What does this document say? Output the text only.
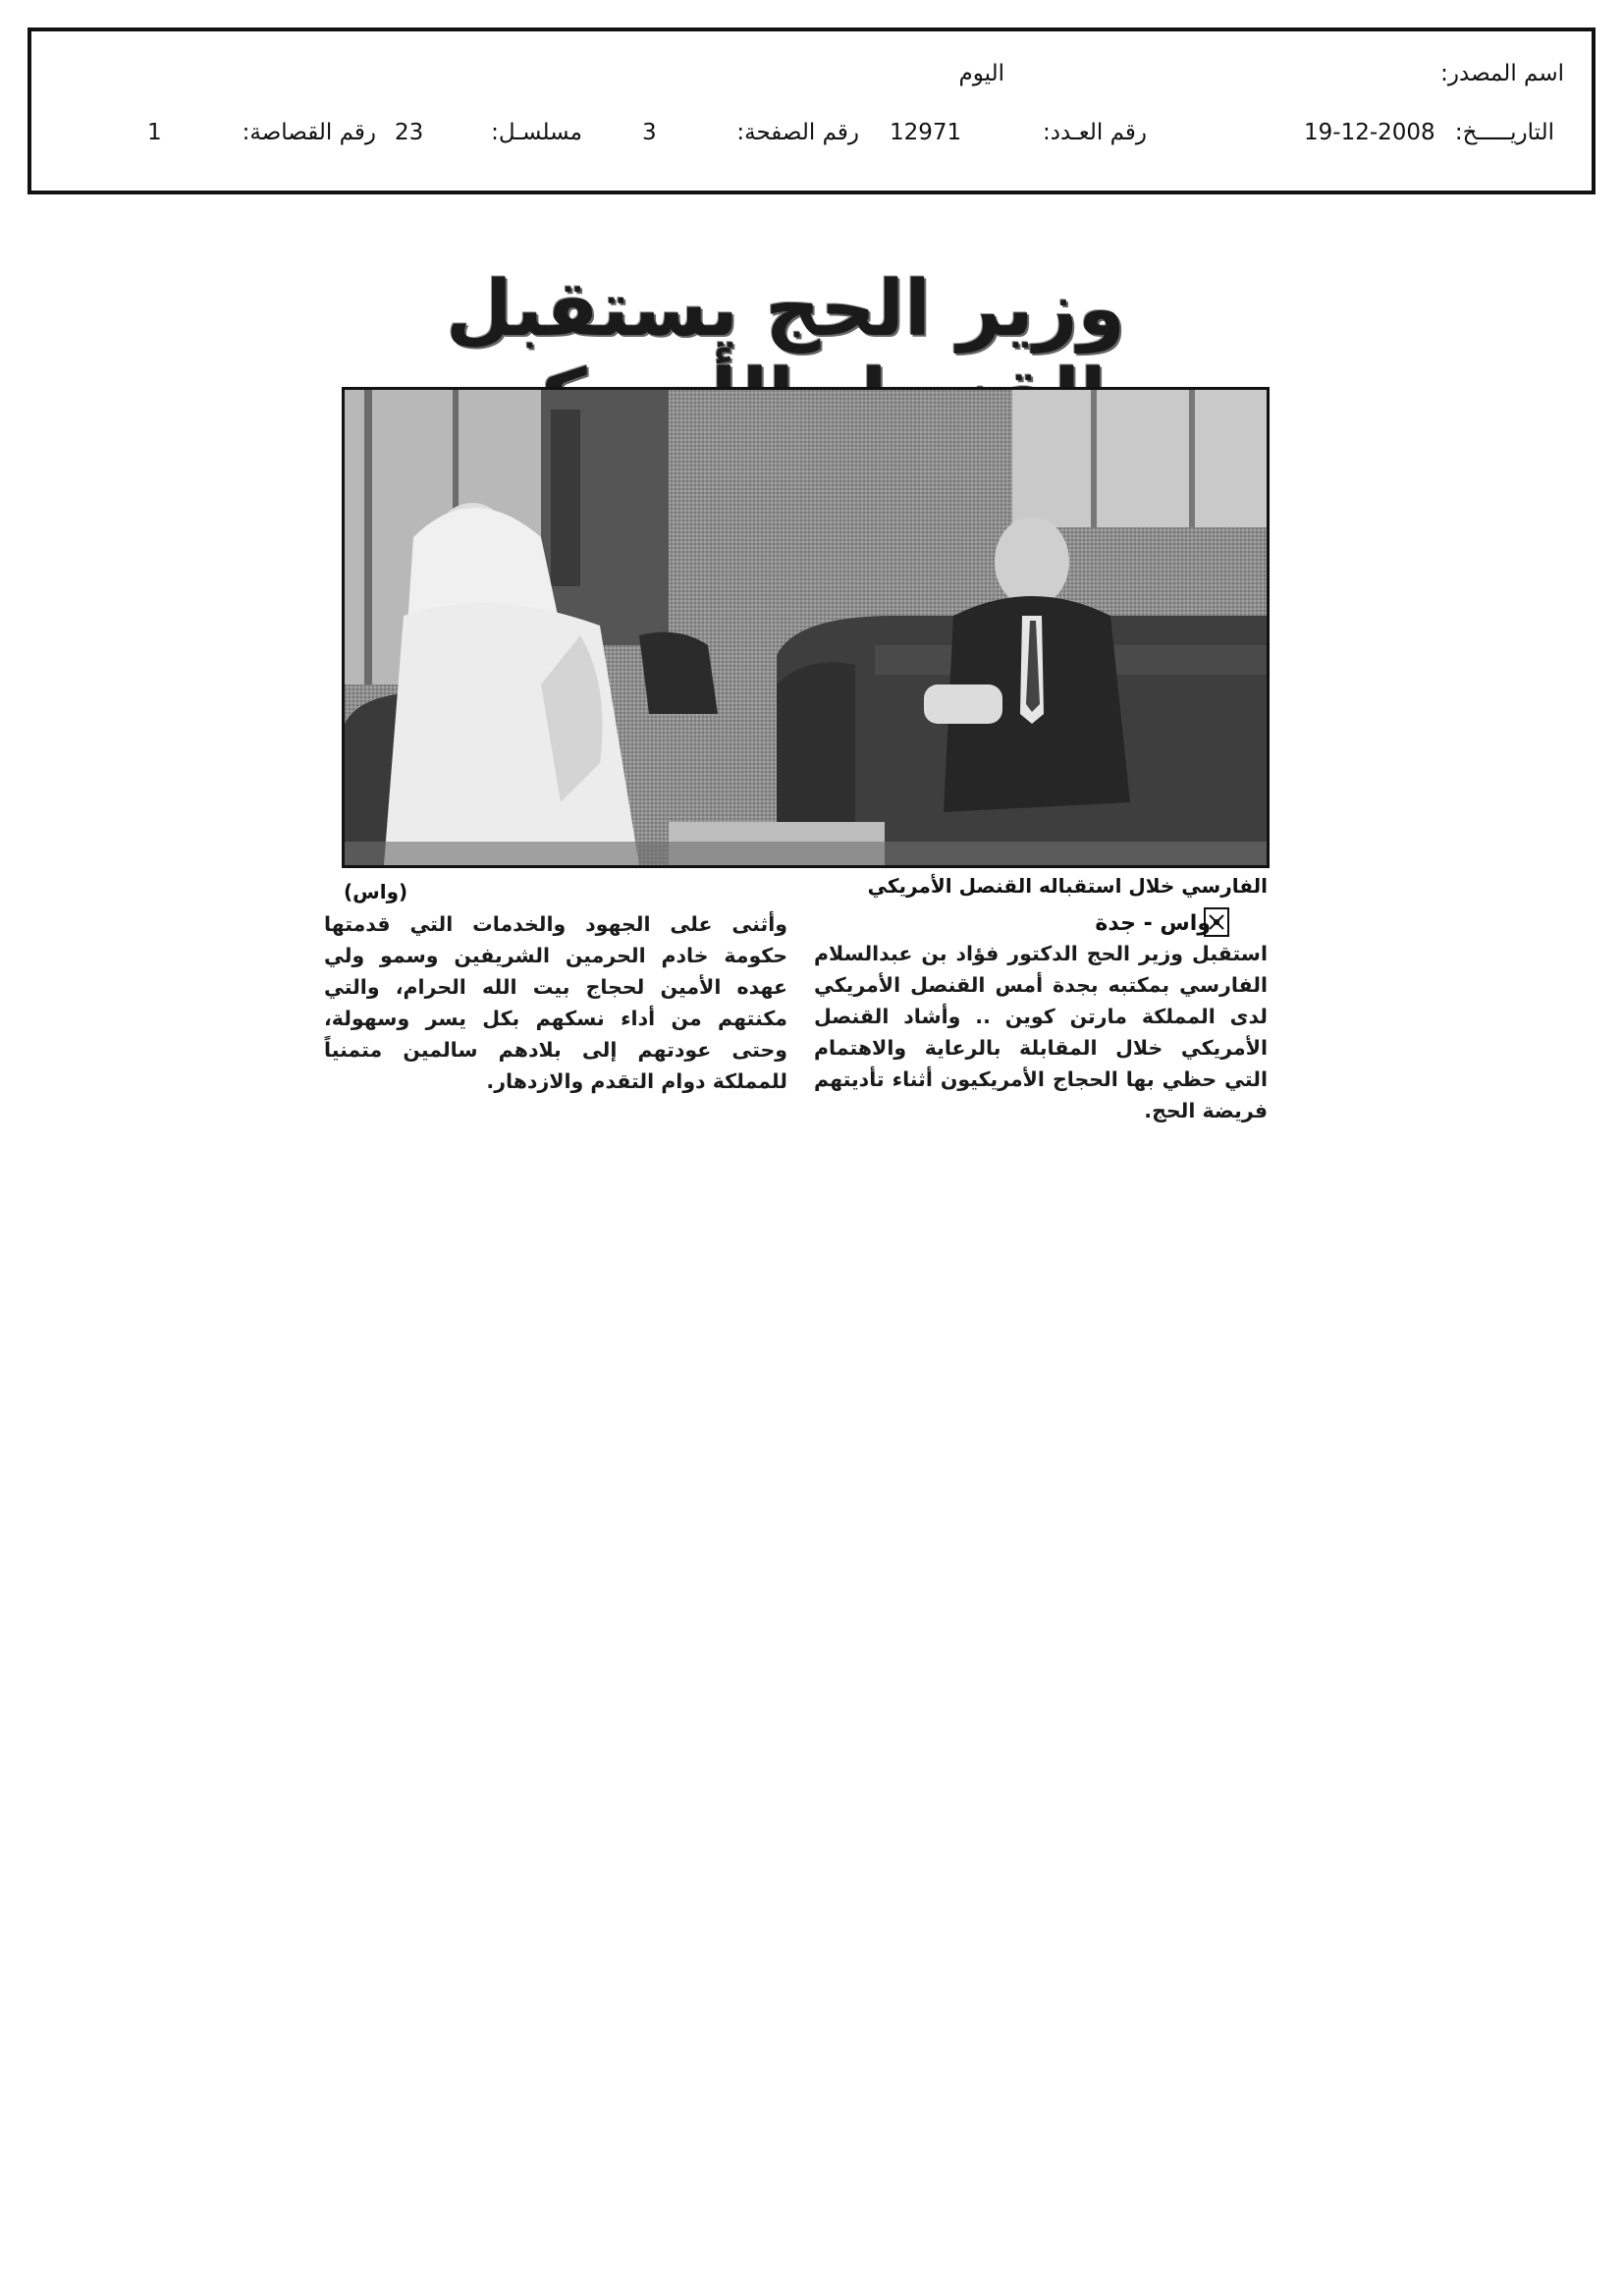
اسم المصدر:
اليوم
التاريـــــخ:
19-12-2008
رقم العـدد:
12971
رقم الصفحة:
3
مسلسـل:
23
رقم القصاصة:
1
وزير الحج يستقبل
الفارسي خلال استقباله القنصل الأمريكي
(واس)
واس - جدة
استقبل وزير الحج الدكتور فؤاد بن عبدالسلام الفارسي بمكتبه بجدة أمس القنصل الأمريكي لدى المملكة مارتن كوين .. وأشاد القنصل الأمريكي خلال المقابلة بالرعاية والاهتمام التي حظي بها الحجاج الأمريكيون أثناء تأديتهم فريضة الحج.
وأثنى على الجهود والخدمات التي قدمتها حكومة خادم الحرمين الشريفين وسمو ولي عهده الأمين لحجاج بيت الله الحرام، والتي مكنتهم من أداء نسكهم بكل يسر وسهولة، وحتى عودتهم إلى بلادهم سالمين متمنياً للمملكة دوام التقدم والازدهار.
